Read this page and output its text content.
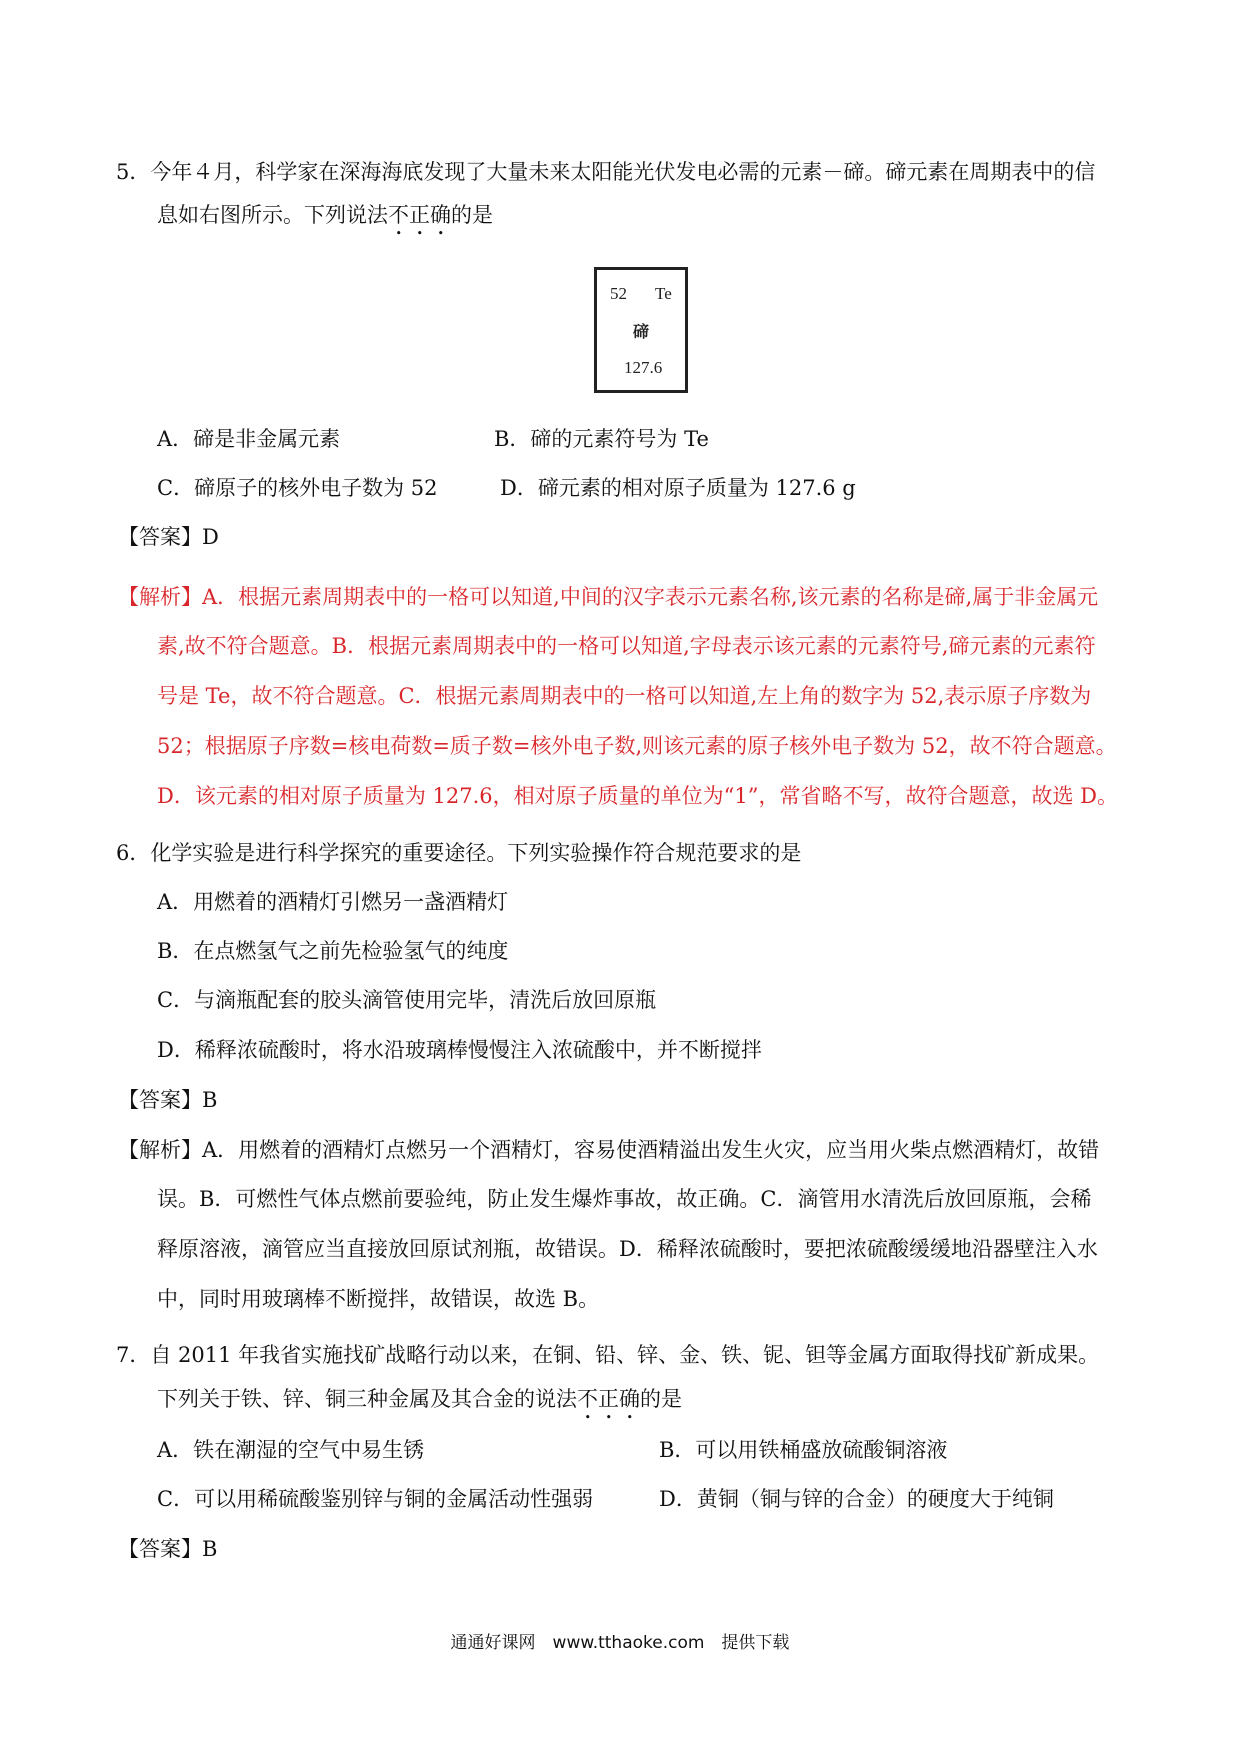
5．今年４月，科学家在深海海底发现了大量未来太阳能光伏发电必需的元素－碲。碲元素在周期表中的信
息如右图所示。下列说法不正确的是
52 Te
碲
127.6
A．碲是非金属元素	B．碲的元素符号为 Te
C．碲原子的核外电子数为 52	D．碲元素的相对原子质量为 127.6 g
【答案】D
【解析】A．根据元素周期表中的一格可以知道,中间的汉字表示元素名称,该元素的名称是碲,属于非金属元
素,故不符合题意。B．根据元素周期表中的一格可以知道,字母表示该元素的元素符号,碲元素的元素符
号是 Te，故不符合题意。C．根据元素周期表中的一格可以知道,左上角的数字为 52,表示原子序数为
52；根据原子序数=核电荷数=质子数=核外电子数,则该元素的原子核外电子数为 52，故不符合题意。
D．该元素的相对原子质量为 127.6，相对原子质量的单位为“1”，常省略不写，故符合题意，故选 D。
6．化学实验是进行科学探究的重要途径。下列实验操作符合规范要求的是
A．用燃着的酒精灯引燃另一盏酒精灯
B．在点燃氢气之前先检验氢气的纯度
C．与滴瓶配套的胶头滴管使用完毕，清洗后放回原瓶
D．稀释浓硫酸时，将水沿玻璃棒慢慢注入浓硫酸中，并不断搅拌
【答案】B
【解析】A．用燃着的酒精灯点燃另一个酒精灯，容易使酒精溢出发生火灾，应当用火柴点燃酒精灯，故错
误。B．可燃性气体点燃前要验纯，防止发生爆炸事故，故正确。C．滴管用水清洗后放回原瓶，会稀
释原溶液，滴管应当直接放回原试剂瓶，故错误。D．稀释浓硫酸时，要把浓硫酸缓缓地沿器壁注入水
中，同时用玻璃棒不断搅拌，故错误，故选 B。
7．自 2011 年我省实施找矿战略行动以来，在铜、铅、锌、金、铁、铌、钽等金属方面取得找矿新成果。
下列关于铁、锌、铜三种金属及其合金的说法不正确的是
A．铁在潮湿的空气中易生锈	B．可以用铁桶盛放硫酸铜溶液
C．可以用稀硫酸鉴别锌与铜的金属活动性强弱	D．黄铜（铜与锌的合金）的硬度大于纯铜
【答案】B
通通好课网　www.tthaoke.com　提供下载
